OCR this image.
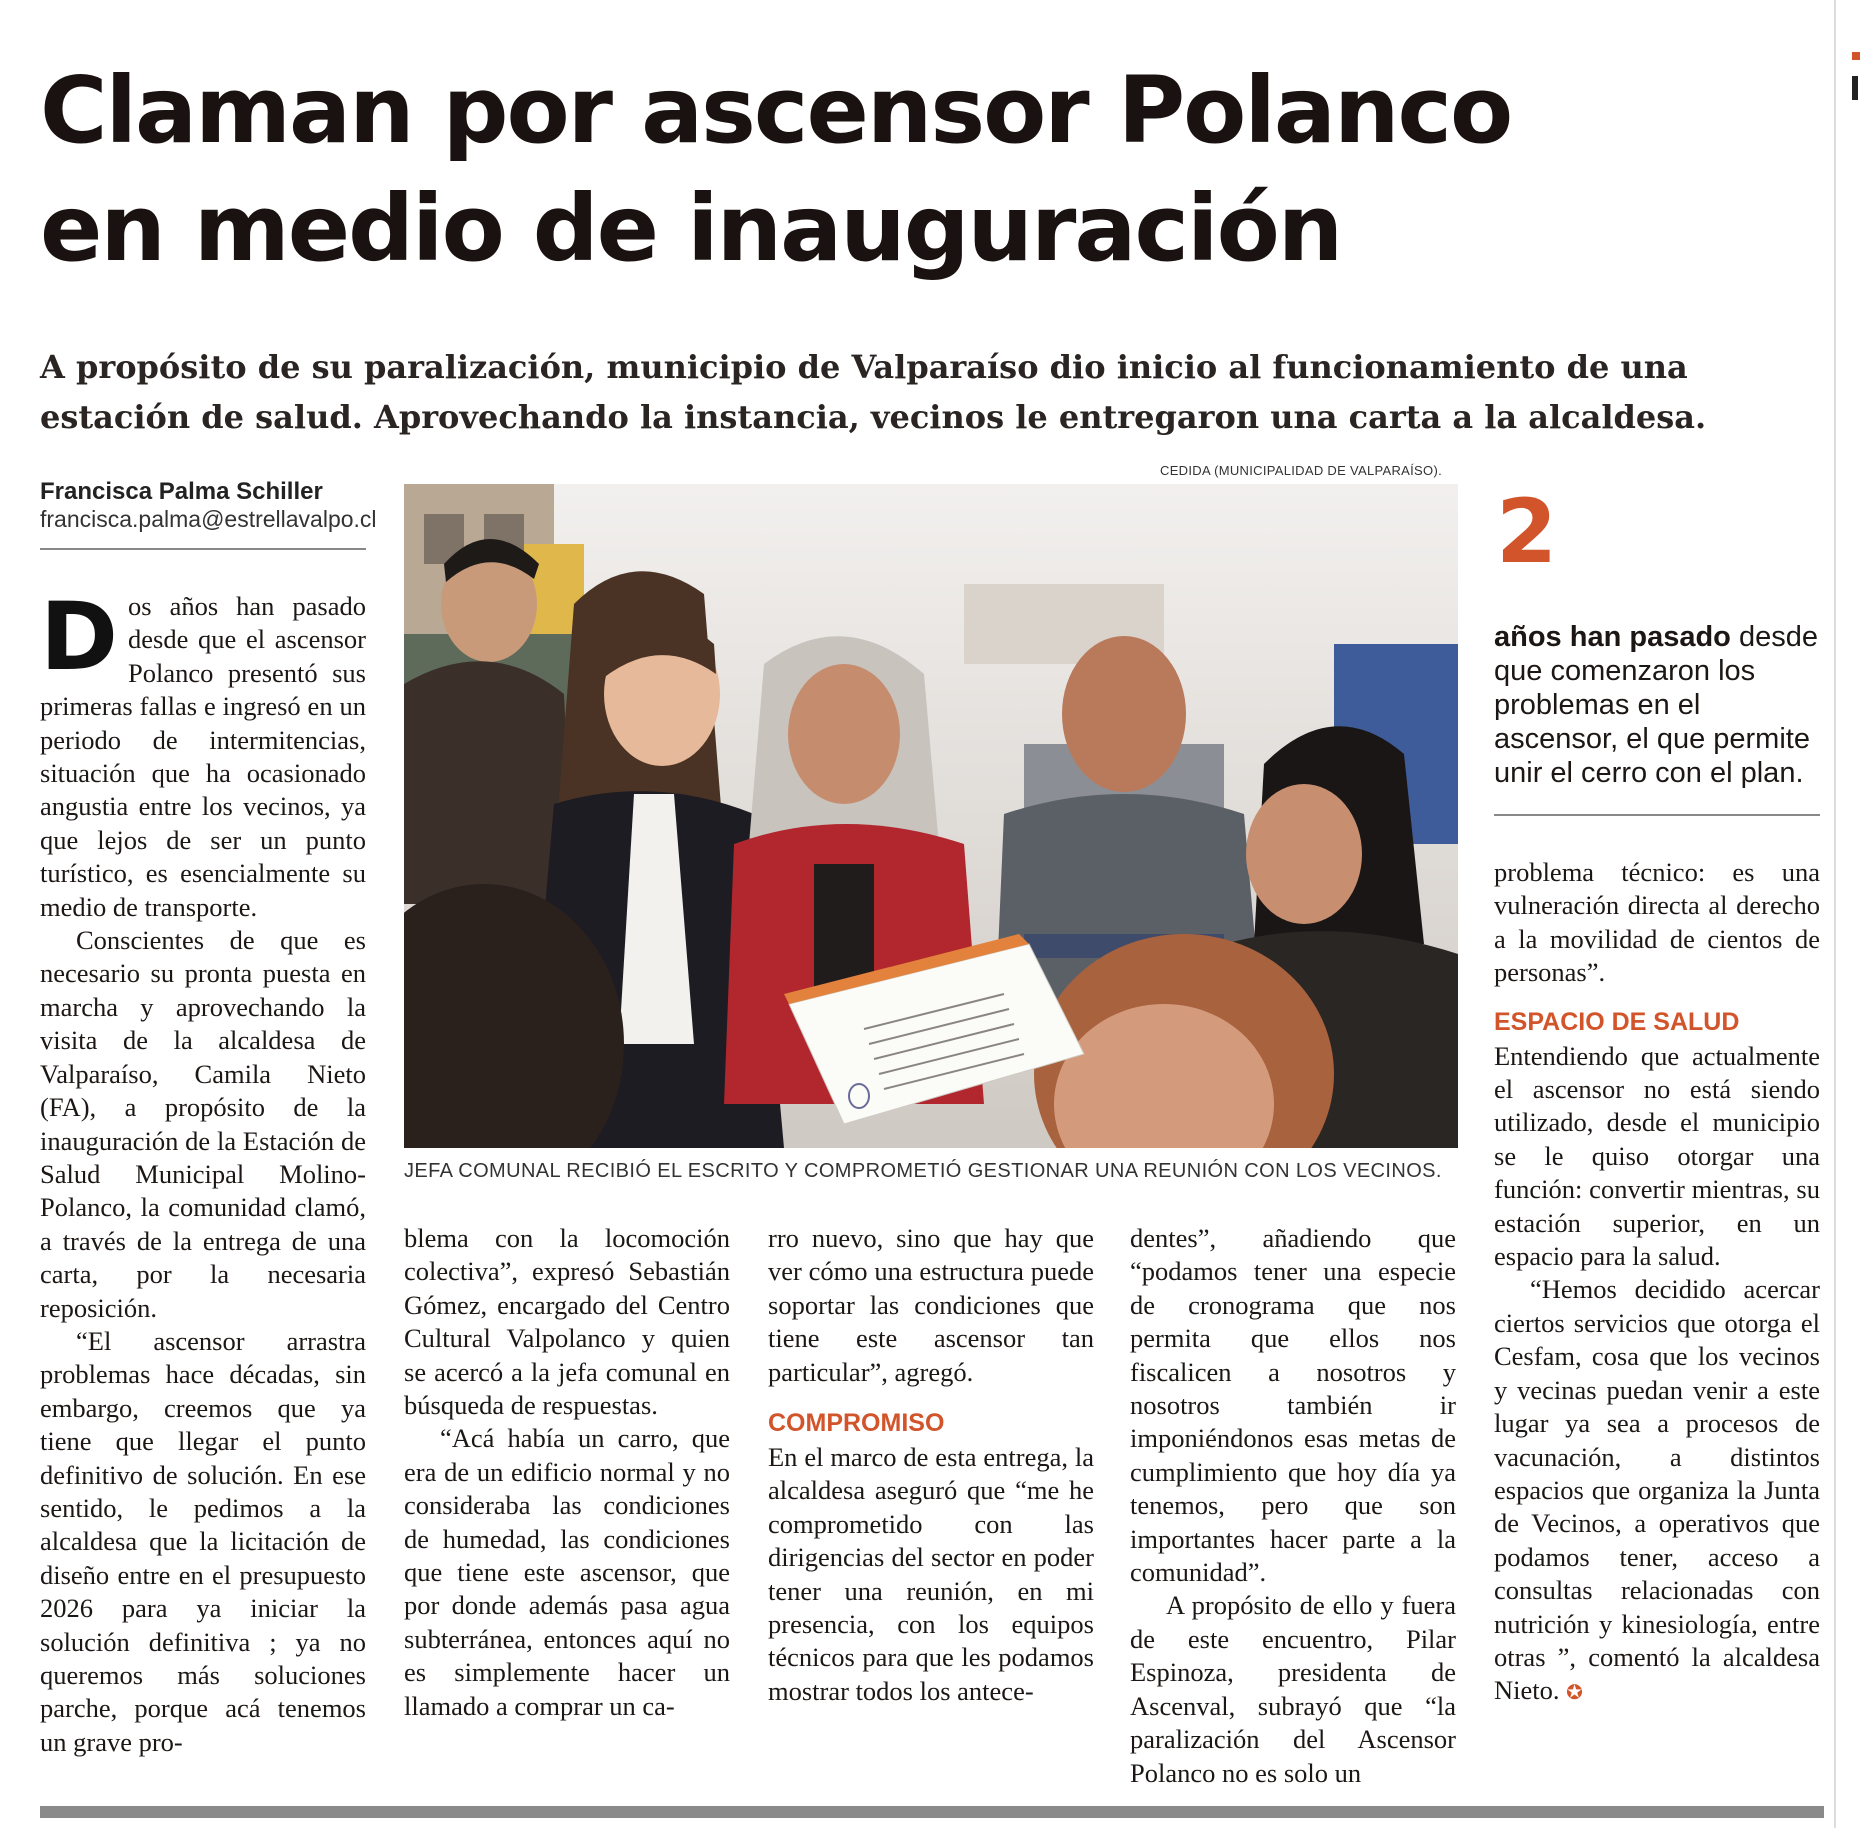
Claman por ascensor Polanco
en medio de inauguración
A propósito de su paralización, municipio de Valparaíso dio inicio al funcionamiento de una
estación de salud. Aprovechando la instancia, vecinos le entregaron una carta a la alcaldesa.
Francisca Palma Schiller
francisca.palma@estrellavalpo.cl
CEDIDA (MUNICIPALIDAD DE VALPARAÍSO).
JEFA COMUNAL RECIBIÓ EL ESCRITO Y COMPROMETIÓ GESTIONAR UNA REUNIÓN CON LOS VECINOS.

Dos años han pasado desde que el ascensor Polanco presentó sus primeras fallas e ingresó en un periodo de intermitencias, situación que ha ocasionado angustia entre los vecinos, ya que lejos de ser un punto turístico, es esencialmente su medio de transporte.

Conscientes de que es necesario su pronta puesta en marcha y aprovechando la visita de la alcaldesa de Valparaíso, Camila Nieto (FA), a propósito de la inauguración de la Estación de Salud Municipal Molino-Polanco, la comunidad clamó, a través de la entrega de una carta, por la necesaria reposición.

“El ascensor arrastra problemas hace décadas, sin embargo, creemos que ya tiene que llegar el punto definitivo de solución. En ese sentido, le pedimos a la alcaldesa que la licitación de diseño entre en el presupuesto 2026 para ya iniciar la solución definitiva ; ya no queremos más soluciones parche, porque acá tenemos un grave pro-

blema con la locomoción colectiva”, expresó Sebastián Gómez, encargado del Centro Cultural Valpolanco y quien se acercó a la jefa comunal en búsqueda de respuestas.

“Acá había un carro, que era de un edificio normal y no consideraba las condiciones de humedad, las condiciones que tiene este ascensor, que por donde además pasa agua subterránea, entonces aquí no es simplemente hacer un llamado a comprar un ca-

rro nuevo, sino que hay que ver cómo una estructura puede soportar las condiciones que tiene este ascensor tan particular”, agregó.

COMPROMISO

En el marco de esta entrega, la alcaldesa aseguró que “me he comprometido con las dirigencias del sector en poder tener una reunión, en mi presencia, con los equipos técnicos para que les podamos mostrar todos los antece-

dentes”, añadiendo que “podamos tener una especie de cronograma que nos permita que ellos nos fiscalicen a nosotros y nosotros también ir imponiéndonos esas metas de cumplimiento que hoy día ya tenemos, pero que son importantes hacer parte a la comunidad”.

A propósito de ello y fuera de este encuentro, Pilar Espinoza, presidenta de Ascenval, subrayó que “la paralización del Ascensor Polanco no es solo un

2
años han pasado desde que comenzaron los problemas en el ascensor, el que permite unir el cerro con el plan.

problema técnico: es una vulneración directa al derecho a la movilidad de cientos de personas”.

ESPACIO DE SALUD

Entendiendo que actualmente el ascensor no está siendo utilizado, desde el municipio se le quiso otorgar una función: convertir mientras, su estación superior, en un espacio para la salud.

“Hemos decidido acercar ciertos servicios que otorga el Cesfam, cosa que los vecinos y vecinas puedan venir a este lugar ya sea a procesos de vacunación, a distintos espacios que organiza la Junta de Vecinos, a operativos que podamos tener, acceso a consultas relacionadas con nutrición y kinesiología, entre otras ”, comentó la alcaldesa Nieto. ✪
